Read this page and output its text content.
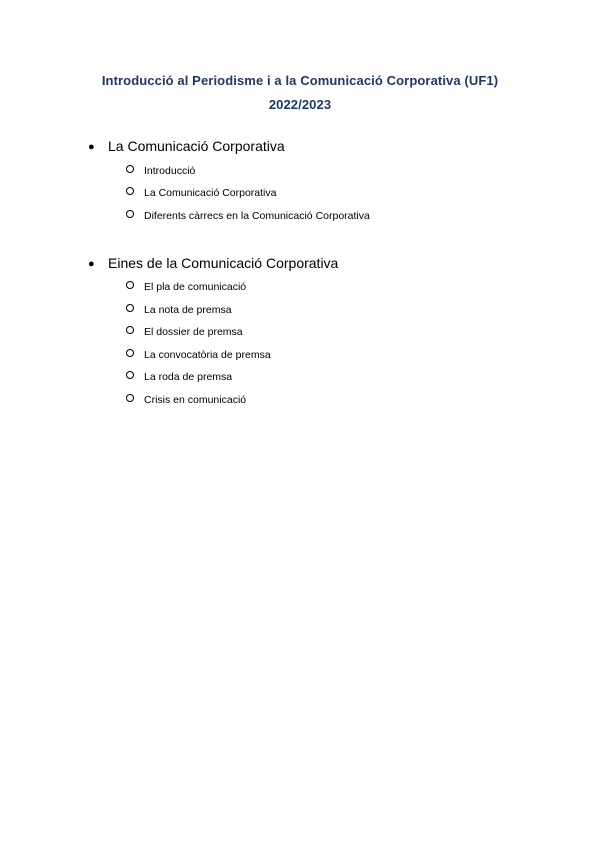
Introducció al Periodisme i a la Comunicació Corporativa (UF1)
2022/2023
● La Comunicació Corporativa
Introducció
La Comunicació Corporativa
Diferents càrrecs en la Comunicació Corporativa
● Eines de la Comunicació Corporativa
El pla de comunicació
La nota de premsa
El dossier de premsa
La convocatòria de premsa
La roda de premsa
Crisis en comunicació
